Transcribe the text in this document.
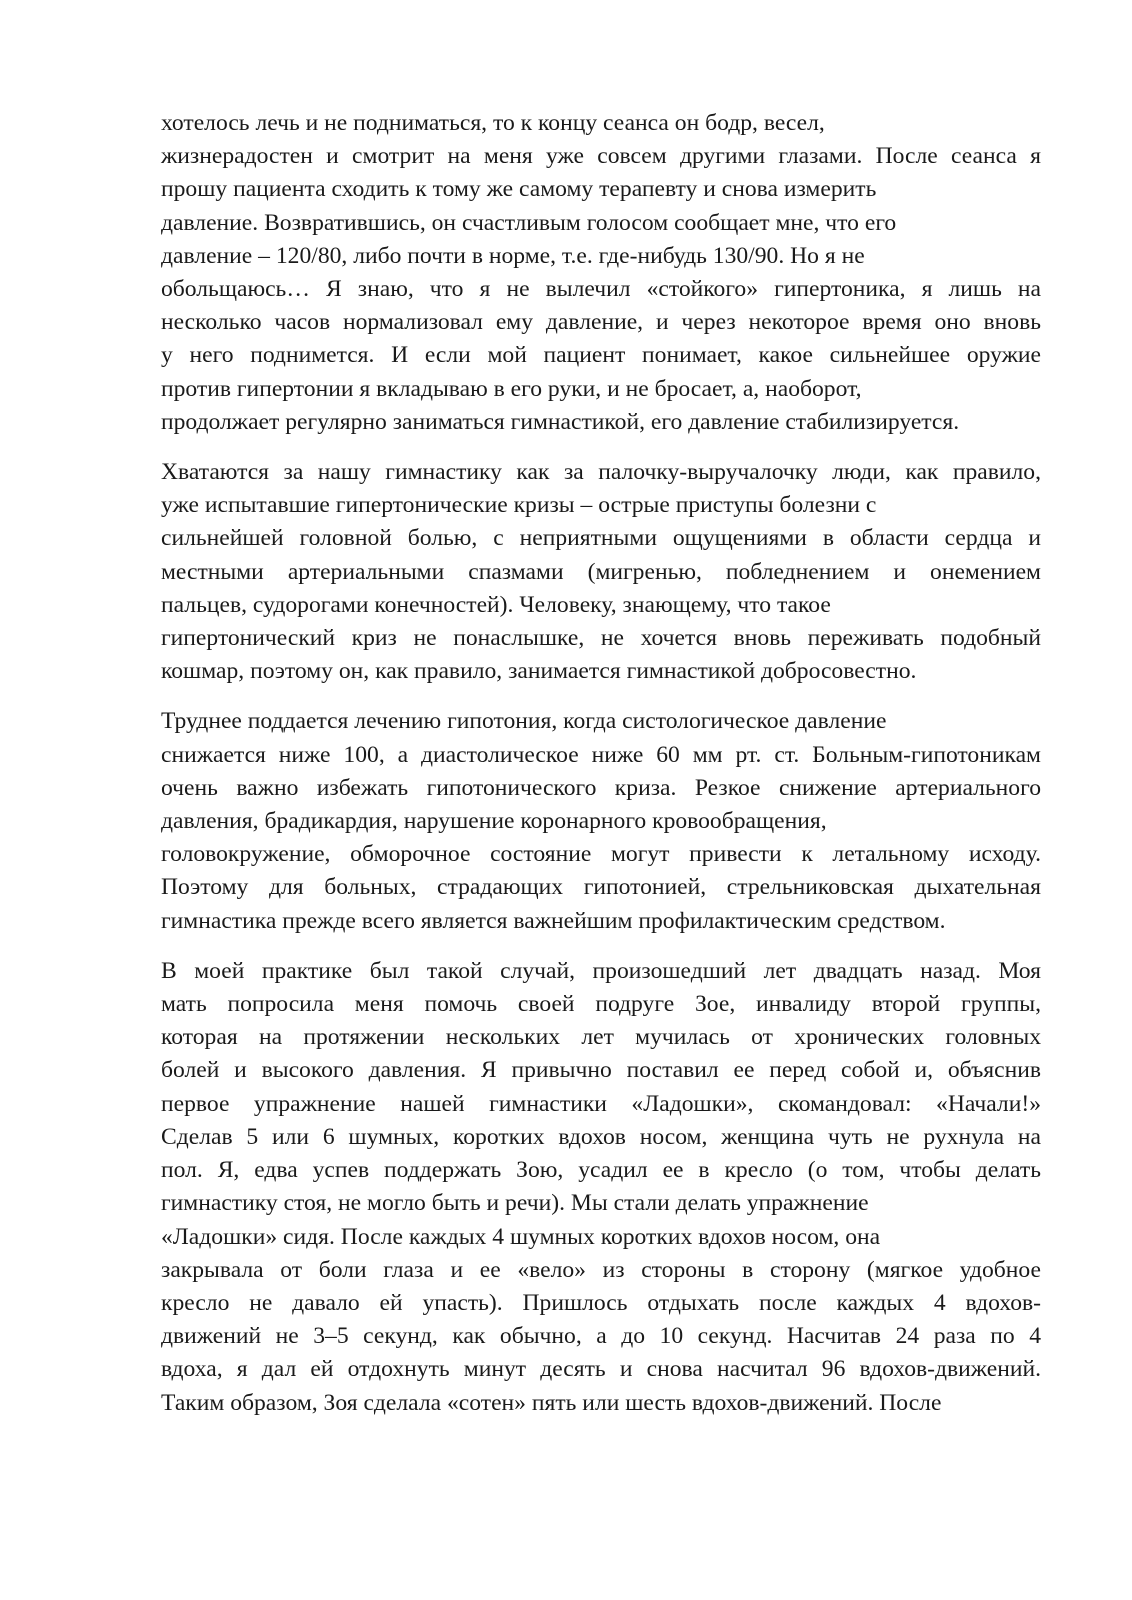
хотелось лечь и не подниматься, то к концу сеанса он бодр, весел,
жизнерадостен и смотрит на меня уже совсем другими глазами. После сеанса я
прошу пациента сходить к тому же самому терапевту и снова измерить
давление. Возвратившись, он счастливым голосом сообщает мне, что его
давление – 120/80, либо почти в норме, т.е. где-нибудь 130/90. Но я не
обольщаюсь… Я знаю, что я не вылечил «стойкого» гипертоника, я лишь на
несколько часов нормализовал ему давление, и через некоторое время оно вновь
у него поднимется. И если мой пациент понимает, какое сильнейшее оружие
против гипертонии я вкладываю в его руки, и не бросает, а, наоборот,
продолжает регулярно заниматься гимнастикой, его давление стабилизируется.
Хватаются за нашу гимнастику как за палочку-выручалочку люди, как правило,
уже испытавшие гипертонические кризы – острые приступы болезни с
сильнейшей головной болью, с неприятными ощущениями в области сердца и
местными артериальными спазмами (мигренью, побледнением и онемением
пальцев, судорогами конечностей). Человеку, знающему, что такое
гипертонический криз не понаслышке, не хочется вновь переживать подобный
кошмар, поэтому он, как правило, занимается гимнастикой добросовестно.
Труднее поддается лечению гипотония, когда систологическое давление
снижается ниже 100, а диастолическое ниже 60 мм рт. ст. Больным-гипотоникам
очень важно избежать гипотонического криза. Резкое снижение артериального
давления, брадикардия, нарушение коронарного кровообращения,
головокружение, обморочное состояние могут привести к летальному исходу.
Поэтому для больных, страдающих гипотонией, стрельниковская дыхательная
гимнастика прежде всего является важнейшим профилактическим средством.
В моей практике был такой случай, произошедший лет двадцать назад. Моя
мать попросила меня помочь своей подруге Зое, инвалиду второй группы,
которая на протяжении нескольких лет мучилась от хронических головных
болей и высокого давления. Я привычно поставил ее перед собой и, объяснив
первое упражнение нашей гимнастики «Ладошки», скомандовал: «Начали!»
Сделав 5 или 6 шумных, коротких вдохов носом, женщина чуть не рухнула на
пол. Я, едва успев поддержать Зою, усадил ее в кресло (о том, чтобы делать
гимнастику стоя, не могло быть и речи). Мы стали делать упражнение
«Ладошки» сидя. После каждых 4 шумных коротких вдохов носом, она
закрывала от боли глаза и ее «вело» из стороны в сторону (мягкое удобное
кресло не давало ей упасть). Пришлось отдыхать после каждых 4 вдохов-
движений не 3–5 секунд, как обычно, а до 10 секунд. Насчитав 24 раза по 4
вдоха, я дал ей отдохнуть минут десять и снова насчитал 96 вдохов-движений.
Таким образом, Зоя сделала «сотен» пять или шесть вдохов-движений. После
